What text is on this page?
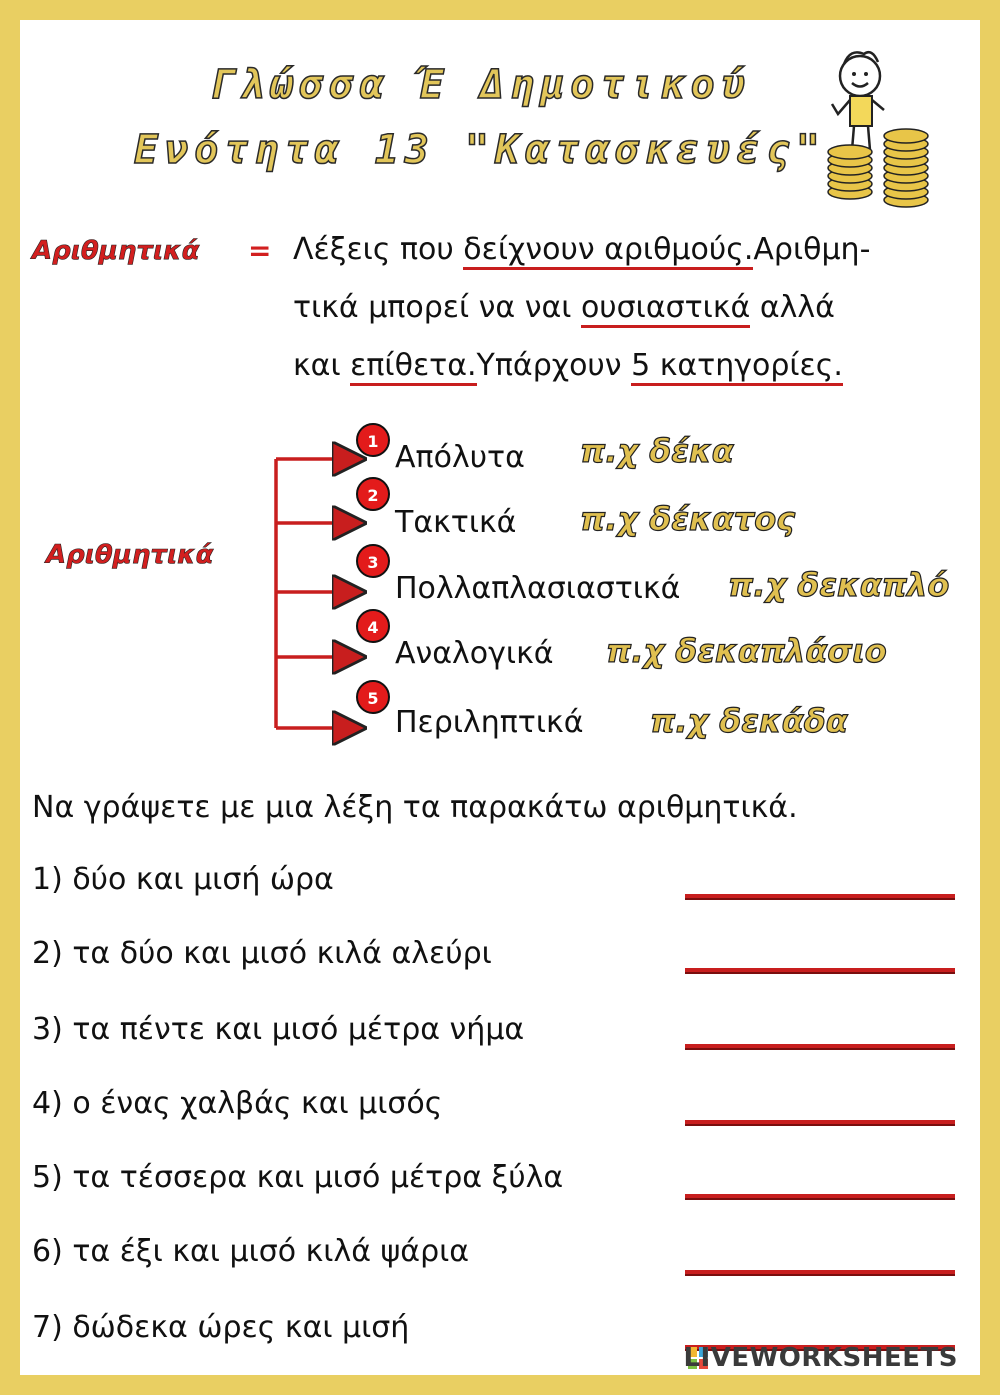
Γλώσσα Έ Δημοτικού
Ενότητα 13 "Κατασκευές"
Αριθμητικά = Λέξεις που δείχνουν αριθμούς.Αριθμη-
τικά μπορεί να ναι ουσιαστικά αλλά
και επίθετα.Υπάρχουν 5 κατηγορίες.
Αριθμητικά
1
2
3
4
5
Απόλυτα
Τακτικά
Πολλαπλασιαστικά
Αναλογικά
Περιληπτικά
π.χ δέκα
π.χ δέκατος
π.χ δεκαπλό
π.χ δεκαπλάσιο
π.χ δεκάδα
Να γράψετε με μια λέξη τα παρακάτω αριθμητικά.
1) δύο και μισή ώρα
2) τα δύο και μισό κιλά αλεύρι
3) τα πέντε και μισό μέτρα νήμα
4) ο ένας χαλβάς και μισός
5) τα τέσσερα και μισό μέτρα ξύλα
6) τα έξι και μισό κιλά ψάρια
7) δώδεκα ώρες και μισή
LIVEWORKSHEETS
